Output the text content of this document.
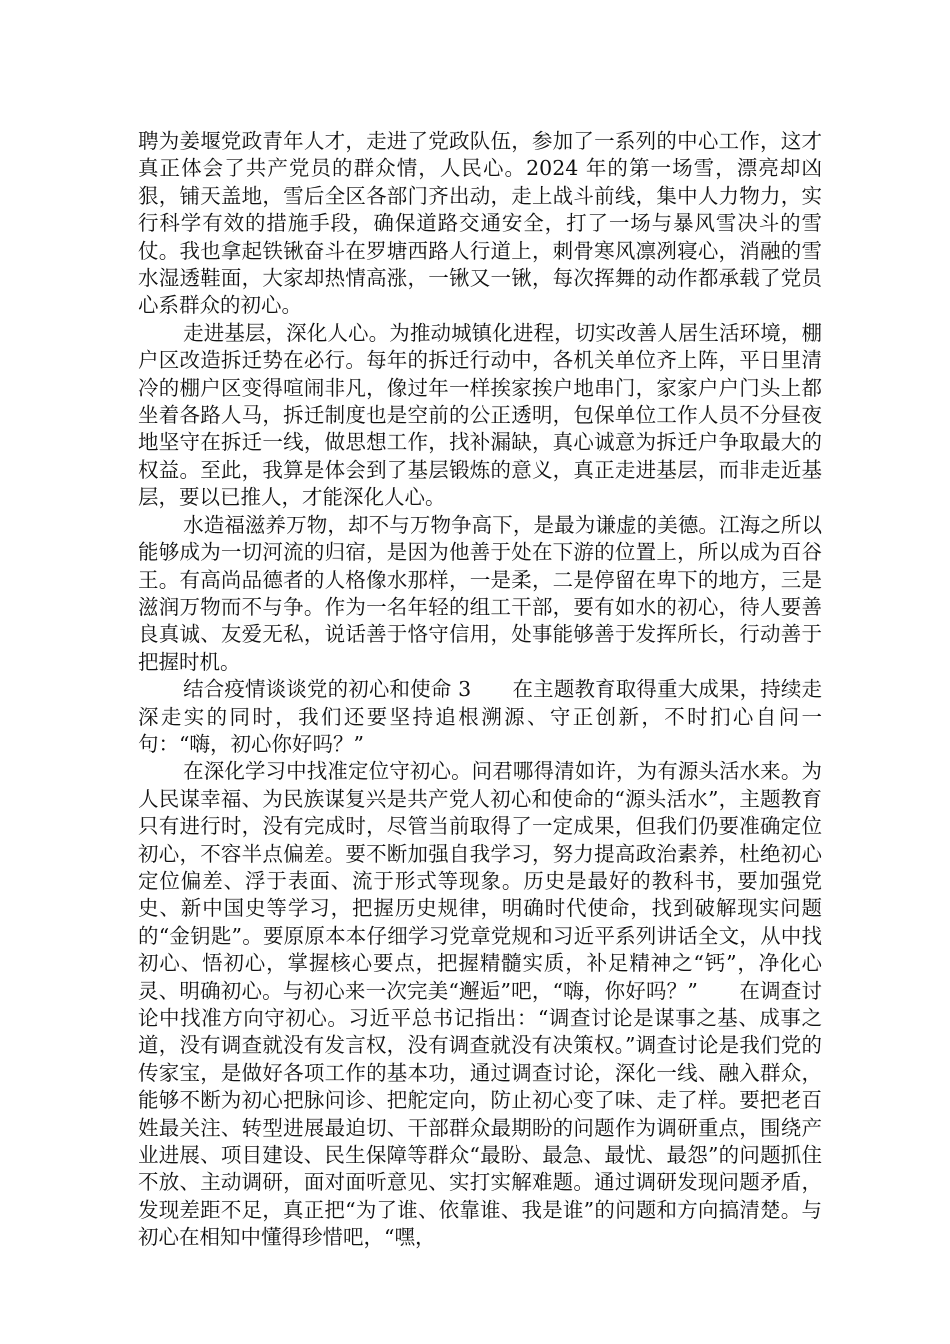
聘为姜堰党政青年人才，走进了党政队伍，参加了一系列的中心工作，这才真正体会了共产党员的群众情，人民心。2024 年的第一场雪，漂亮却凶狠，铺天盖地，雪后全区各部门齐出动，走上战斗前线，集中人力物力，实行科学有效的措施手段，确保道路交通安全，打了一场与暴风雪决斗的雪仗。我也拿起铁锹奋斗在罗塘西路人行道上，刺骨寒风凛冽寝心，消融的雪水湿透鞋面，大家却热情高涨，一锹又一锹，每次挥舞的动作都承载了党员心系群众的初心。

走进基层，深化人心。为推动城镇化进程，切实改善人居生活环境，棚户区改造拆迁势在必行。每年的拆迁行动中，各机关单位齐上阵，平日里清冷的棚户区变得喧闹非凡，像过年一样挨家挨户地串门，家家户户门头上都坐着各路人马，拆迁制度也是空前的公正透明，包保单位工作人员不分昼夜地坚守在拆迁一线，做思想工作，找补漏缺，真心诚意为拆迁户争取最大的权益。至此，我算是体会到了基层锻炼的意义，真正走进基层，而非走近基层，要以已推人，才能深化人心。

水造福滋养万物，却不与万物争高下，是最为谦虚的美德。江海之所以能够成为一切河流的归宿，是因为他善于处在下游的位置上，所以成为百谷王。有高尚品德者的人格像水那样，一是柔，二是停留在卑下的地方，三是滋润万物而不与争。作为一名年轻的组工干部，要有如水的初心，待人要善良真诚、友爱无私，说话善于恪守信用，处事能够善于发挥所长，行动善于把握时机。

结合疫情谈谈党的初心和使命 3　　在主题教育取得重大成果，持续走深走实的同时，我们还要坚持追根溯源、守正创新，不时扪心自问一句：“嗨，初心你好吗？”

在深化学习中找准定位守初心。问君哪得清如许，为有源头活水来。为人民谋幸福、为民族谋复兴是共产党人初心和使命的“源头活水”，主题教育只有进行时，没有完成时，尽管当前取得了一定成果，但我们仍要准确定位初心，不容半点偏差。要不断加强自我学习，努力提高政治素养，杜绝初心定位偏差、浮于表面、流于形式等现象。历史是最好的教科书，要加强党史、新中国史等学习，把握历史规律，明确时代使命，找到破解现实问题的“金钥匙”。要原原本本仔细学习党章党规和习近平系列讲话全文，从中找初心、悟初心，掌握核心要点，把握精髓实质，补足精神之“钙”，净化心灵、明确初心。与初心来一次完美“邂逅”吧，“嗨，你好吗？”　　在调查讨论中找准方向守初心。习近平总书记指出：“调查讨论是谋事之基、成事之道，没有调查就没有发言权，没有调查就没有决策权。”调查讨论是我们党的传家宝，是做好各项工作的基本功，通过调查讨论，深化一线、融入群众，能够不断为初心把脉问诊、把舵定向，防止初心变了味、走了样。要把老百姓最关注、转型进展最迫切、干部群众最期盼的问题作为调研重点，围绕产业进展、项目建设、民生保障等群众“最盼、最急、最忧、最怨”的问题抓住不放、主动调研，面对面听意见、实打实解难题。通过调研发现问题矛盾，发现差距不足，真正把“为了谁、依靠谁、我是谁”的问题和方向搞清楚。与初心在相知中懂得珍惜吧，“嘿，
